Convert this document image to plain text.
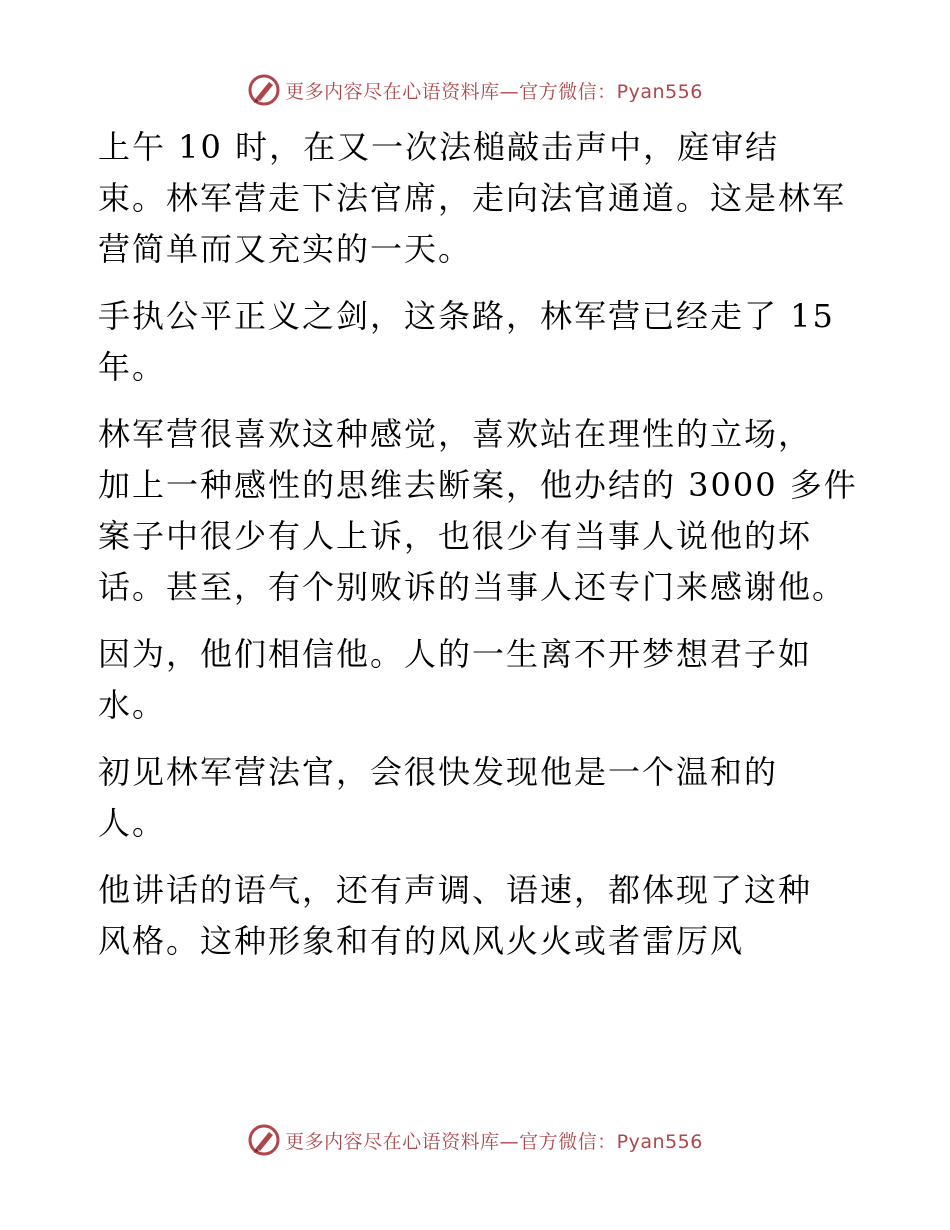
更多内容尽在心语资料库—官方微信：Pyan556
上午 10 时，在又一次法槌敲击声中，庭审结
束。林军营走下法官席，走向法官通道。这是林军
营简单而又充实的一天。
手执公平正义之剑，这条路，林军营已经走了 15
年。
林军营很喜欢这种感觉，喜欢站在理性的立场，
加上一种感性的思维去断案，他办结的 3000 多件
案子中很少有人上诉，也很少有当事人说他的坏
话。甚至，有个别败诉的当事人还专门来感谢他。
因为，他们相信他。人的一生离不开梦想君子如
水。
初见林军营法官，会很快发现他是一个温和的
人。
他讲话的语气，还有声调、语速，都体现了这种
风格。这种形象和有的风风火火或者雷厉风
更多内容尽在心语资料库—官方微信：Pyan556
